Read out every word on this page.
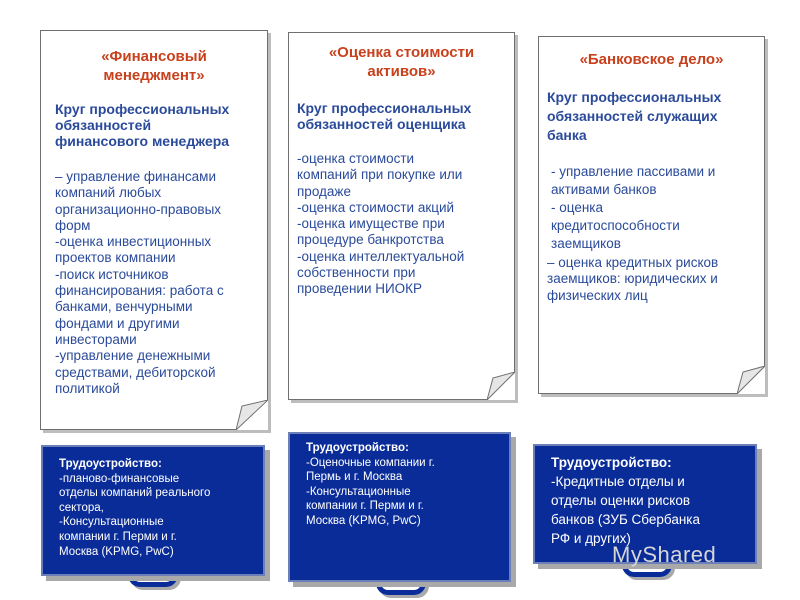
«Финансовый
менеджмент»

Круг профессиональных
обязанностей
финансового менеджера
– управление финансами
компаний любых
организационно-правовых
форм
-оценка инвестиционных
проектов компании
-поиск источников
финансирования: работа с
банками, венчурными
фондами и другими
инвесторами
-управление денежными
средствами, дебиторской
политикой

«Оценка стоимости
активов»

Круг профессиональных
обязанностей оценщика
-оценка стоимости
компаний при покупке или
продаже
-оценка стоимости акций
-оценка имуществе при
процедуре банкротства
-оценка интеллектуальной
собственности при
проведении НИОКР

«Банковское дело»

Круг профессиональных
обязанностей служащих
банка
- управление пассивами и
активами банков
- оценка
кредитоспособности
заемщиков
– оценка кредитных рисков
заемщиков: юридических и
физических лиц
Трудоустройство:
-планово-финансовые
отделы компаний реального
сектора,
-Консультационные
компании г. Перми и г.
Москва (KPMG, PwC)
Трудоустройство:
-Оценочные компании г.
Пермь и г. Москва
-Консультационные
компании г. Перми и г.
Москва (KPMG, PwC)
Трудоустройство:
-Кредитные отделы и
отделы оценки рисков
банков (ЗУБ Сбербанка
РФ и других)
MyShared
